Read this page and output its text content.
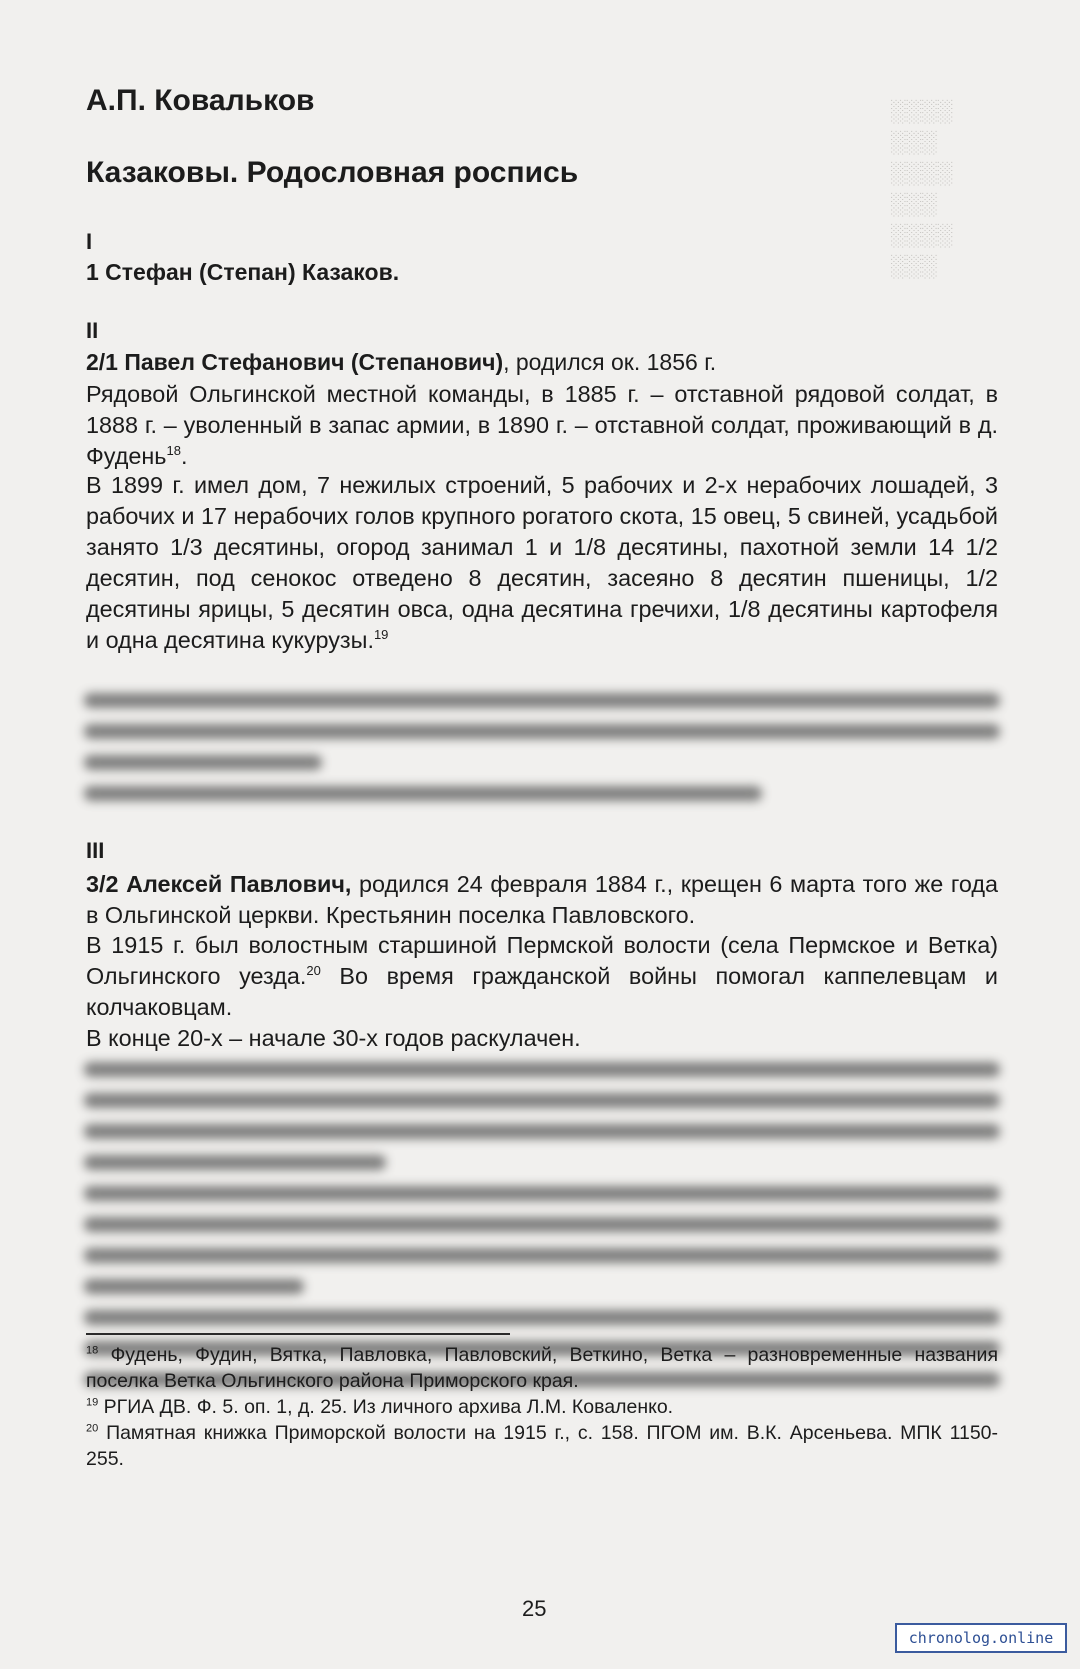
░░░░
░░░
░░░░
░░░
░░░░
░░░
А.П. Ковальков
Казаковы. Родословная роспись
I
1 Стефан (Степан) Казаков.
II
2/1 Павел Стефанович (Степанович), родился ок. 1856 г.

Рядовой Ольгинской местной команды, в 1885 г. – отставной рядовой солдат, в 1888 г. – уволенный в запас армии, в 1890 г. – отставной солдат, проживающий в д. Фудень$^{18}$.

В 1899 г. имел дом, 7 нежилых строений, 5 рабочих и 2-х нерабочих лошадей, 3 рабочих и 17 нерабочих голов крупного рогатого скота, 15 овец, 5 свиней, усадьбой занято 1/3 десятины, огород занимал 1 и 1/8 десятины, пахотной земли 14 1/2 десятин, под сенокос отведено 8 десятин, засеяно 8 десятин пшеницы, 1/2 десятины ярицы, 5 десятин овса, одна десятина гречихи, 1/8 десятины картофеля и одна десятина кукурузы.$^{19}$

III

3/2 Алексей Павлович, родился 24 февраля 1884 г., крещен 6 марта того же года в Ольгинской церкви. Крестьянин поселка Павловского.

В 1915 г. был волостным старшиной Пермской волости (села Пермское и Ветка) Ольгинского уезда.$^{20}$ Во время гражданской войны помогал каппелевцам и колчаковцам.

В конце 20-х – начале 30-х годов раскулачен.

$^{18}$ Фудень, Фудин, Вятка, Павловка, Павловский, Веткино, Ветка – разновременные названия поселка Ветка Ольгинского района Приморского края.

$^{19}$ РГИА ДВ. Ф. 5. оп. 1, д. 25. Из личного архива Л.М. Коваленко.

$^{20}$ Памятная книжка Приморской волости на 1915 г., с. 158. ПГОМ им. В.К. Арсеньева. МПК 1150-255.

25
chronolog.online
